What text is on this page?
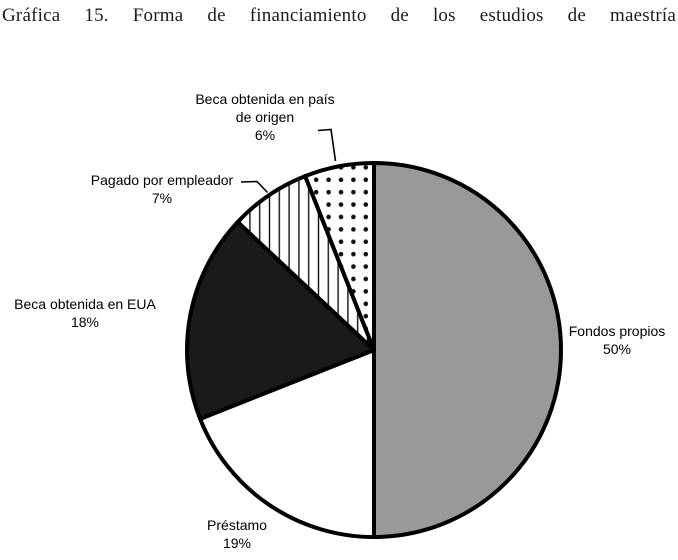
Gráfica 15. Forma de financiamiento de los estudios de maestría
Beca obtenida en país
de origen
6%
Pagado por empleador
7%
Beca obtenida en EUA
18%
Fondos propios
50%
Préstamo
19%
